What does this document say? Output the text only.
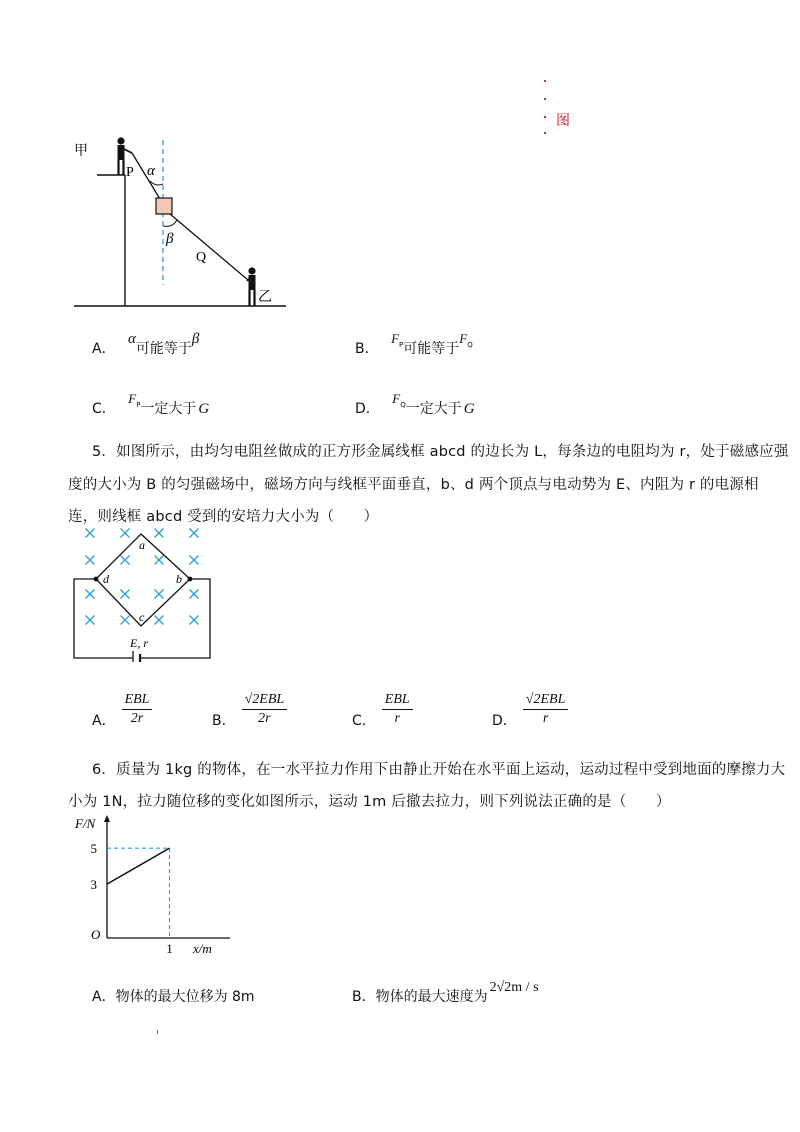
图
甲
乙
P
Q
α
β
A． α可能等于β
B． $F_P$可能等于$F_Q$
C． $F_P$一定大于 G	D． $F_Q$一定大于 G
5．如图所示，由均匀电阻丝做成的正方形金属线框 abcd 的边长为 L，每条边的电阻均为 r，处于磁感应强
度的大小为 B 的匀强磁场中，磁场方向与线框平面垂直，b、d 两个顶点与电动势为 E、内阻为 r 的电源相
连，则线框 abcd 受到的安培力大小为（　　）
a
b
c
d
E, r
A． $\frac{\text{EBL}}{2r}$	B． $\frac{\text{√2EBL}}{2r}$	C． $\frac{\text{EBL}}{r}$	D． $\frac{\text{√2EBL}}{r}$
6．质量为 1kg 的物体，在一水平拉力作用下由静止开始在水平面上运动，运动过程中受到地面的摩擦力大
小为 1N，拉力随位移的变化如图所示，运动 1m 后撤去拉力，则下列说法正确的是（　　）
3
5
1
O
F/N
x/m
A．物体的最大位移为 8m	B．物体的最大速度为2√2m / s
